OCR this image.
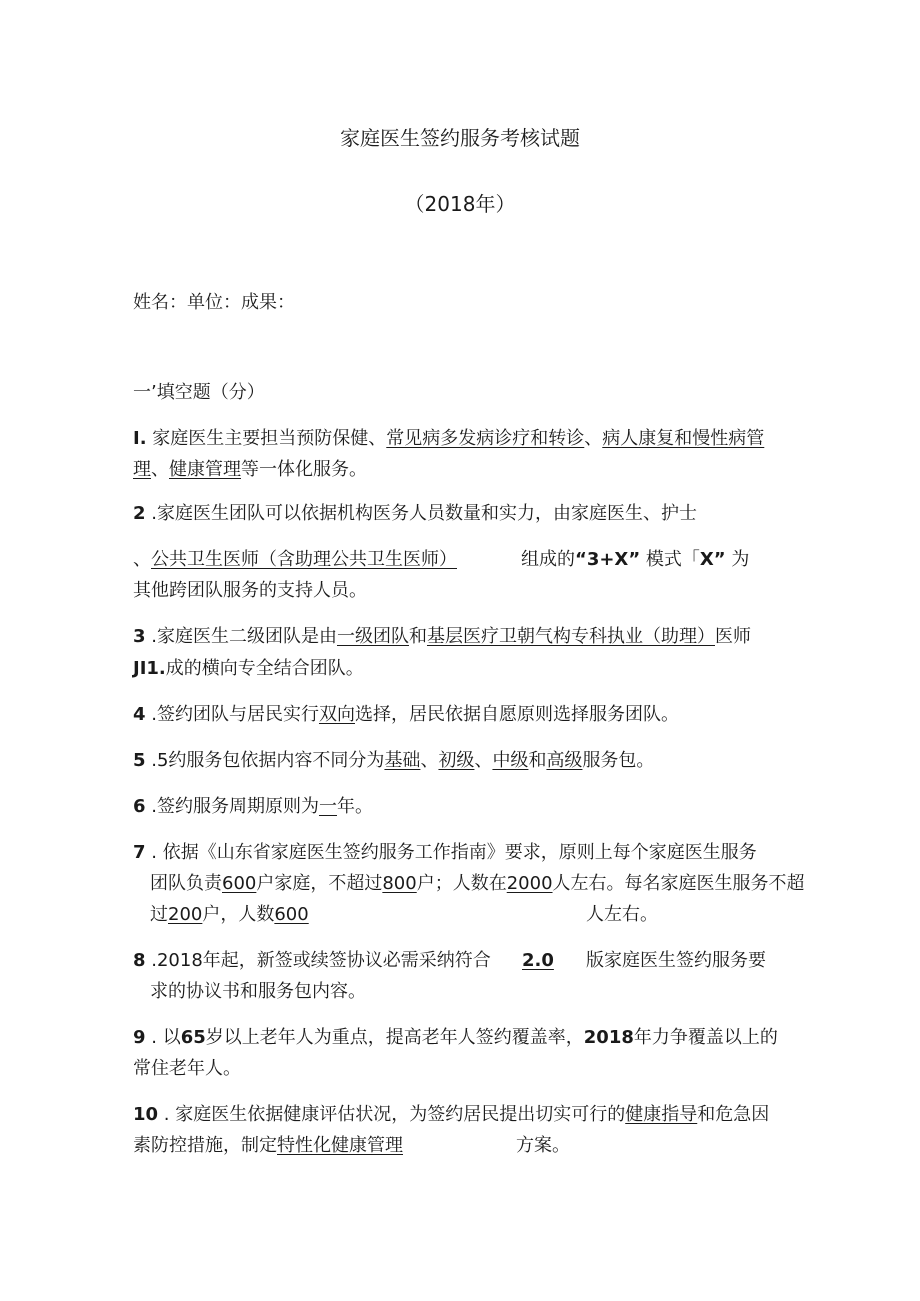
家庭医生签约服务考核试题
（2018年）
姓名：单位：成果：
一’填空题（分）
I. 家庭医生主要担当预防保健、常见病多发病诊疗和转诊、病人康复和慢性病管
理、健康管理等一体化服务。
2 .家庭医生团队可以依据机构医务人员数量和实力，由家庭医生、护士
、公共卫生医师（含助理公共卫生医师）	组成的“3+X” 模式「X” 为
其他跨团队服务的支持人员。
3 .家庭医生二级团队是由一级团队和基层医疗卫朝气构专科执业（助理）医师
JI1.成的横向专全结合团队。
4 .签约团队与居民实行双向选择，居民依据自愿原则选择服务团队。
5 .5约服务包依据内容不同分为基础、初级、中级和高级服务包。
6 .签约服务周期原则为一年。
7 . 依据《山东省家庭医生签约服务工作指南》要求，原则上每个家庭医生服务
团队负责600户家庭，不超过800户；人数在2000人左右。每名家庭医生服务不超
过200户，人数600	人左右。
8 .2018年起，新签或续签协议必需采纳符合 2.0 版家庭医生签约服务要
求的协议书和服务包内容。
9 . 以65岁以上老年人为重点，提高老年人签约覆盖率，2018年力争覆盖以上的
常住老年人。
10 . 家庭医生依据健康评估状况，为签约居民提出切实可行的健康指导和危急因
素防控措施，制定特性化健康管理	方案。
